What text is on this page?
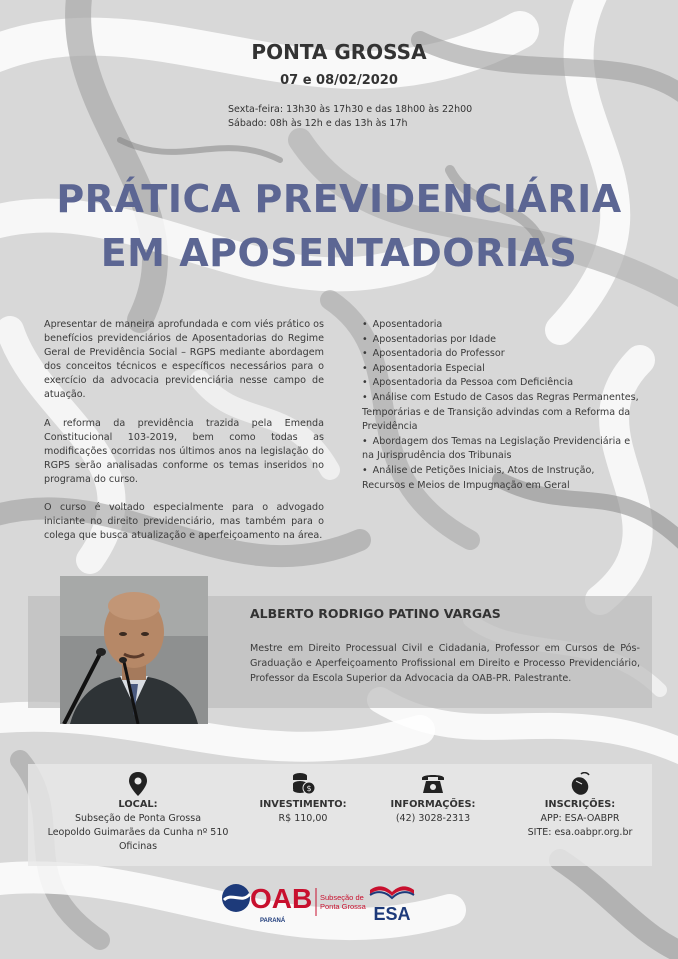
PONTA GROSSA
07 e 08/02/2020
Sexta-feira: 13h30 às 17h30 e das 18h00 às 22h00
Sábado: 08h às 12h e das 13h às 17h
PRÁTICA PREVIDENCIÁRIA
EM APOSENTADORIAS

Apresentar de maneira aprofundada e com viés prático os benefícios previdenciários de Aposentadorias do Regime Geral de Previdência Social – RGPS mediante abordagem dos conceitos técnicos e específicos necessários para o exercício da advocacia previdenciária nesse campo de atuação.

A reforma da previdência trazida pela Emenda Constitucional 103-2019, bem como todas as modificações ocorridas nos últimos anos na legislação do RGPS serão analisadas conforme os temas inseridos no programa do curso.

O curso é voltado especialmente para o advogado iniciante no direito previdenciário, mas também para o colega que busca atualização e aperfeiçoamento na área.

• Aposentadoria
• Aposentadorias por Idade
• Aposentadoria do Professor
• Aposentadoria Especial
• Aposentadoria da Pessoa com Deficiência
• Análise com Estudo de Casos das Regras Permanentes, Temporárias e de Transição advindas com a Reforma da Previdência
• Abordagem dos Temas na Legislação Previdenciária e na Jurisprudência dos Tribunais
• Análise de Petições Iniciais, Atos de Instrução, Recursos e Meios de Impugnação em Geral
ALBERTO RODRIGO PATINO VARGAS
Mestre em Direito Processual Civil e Cidadania, Professor em Cursos de Pós-Graduação e Aperfeiçoamento Profissional em Direito e Processo Previdenciário, Professor da Escola Superior da Advocacia da OAB-PR. Palestrante.
LOCAL:
Subseção de Ponta Grossa
Leopoldo Guimarães da Cunha nº 510
Oficinas
$
INVESTIMENTO:
R$ 110,00
INFORMAÇÕES:
(42) 3028-2313
INSCRIÇÕES:
APP: ESA-OABPR
SITE: esa.oabpr.org.br
OAB
PARANÁ
Subseção de
Ponta Grossa ESA
